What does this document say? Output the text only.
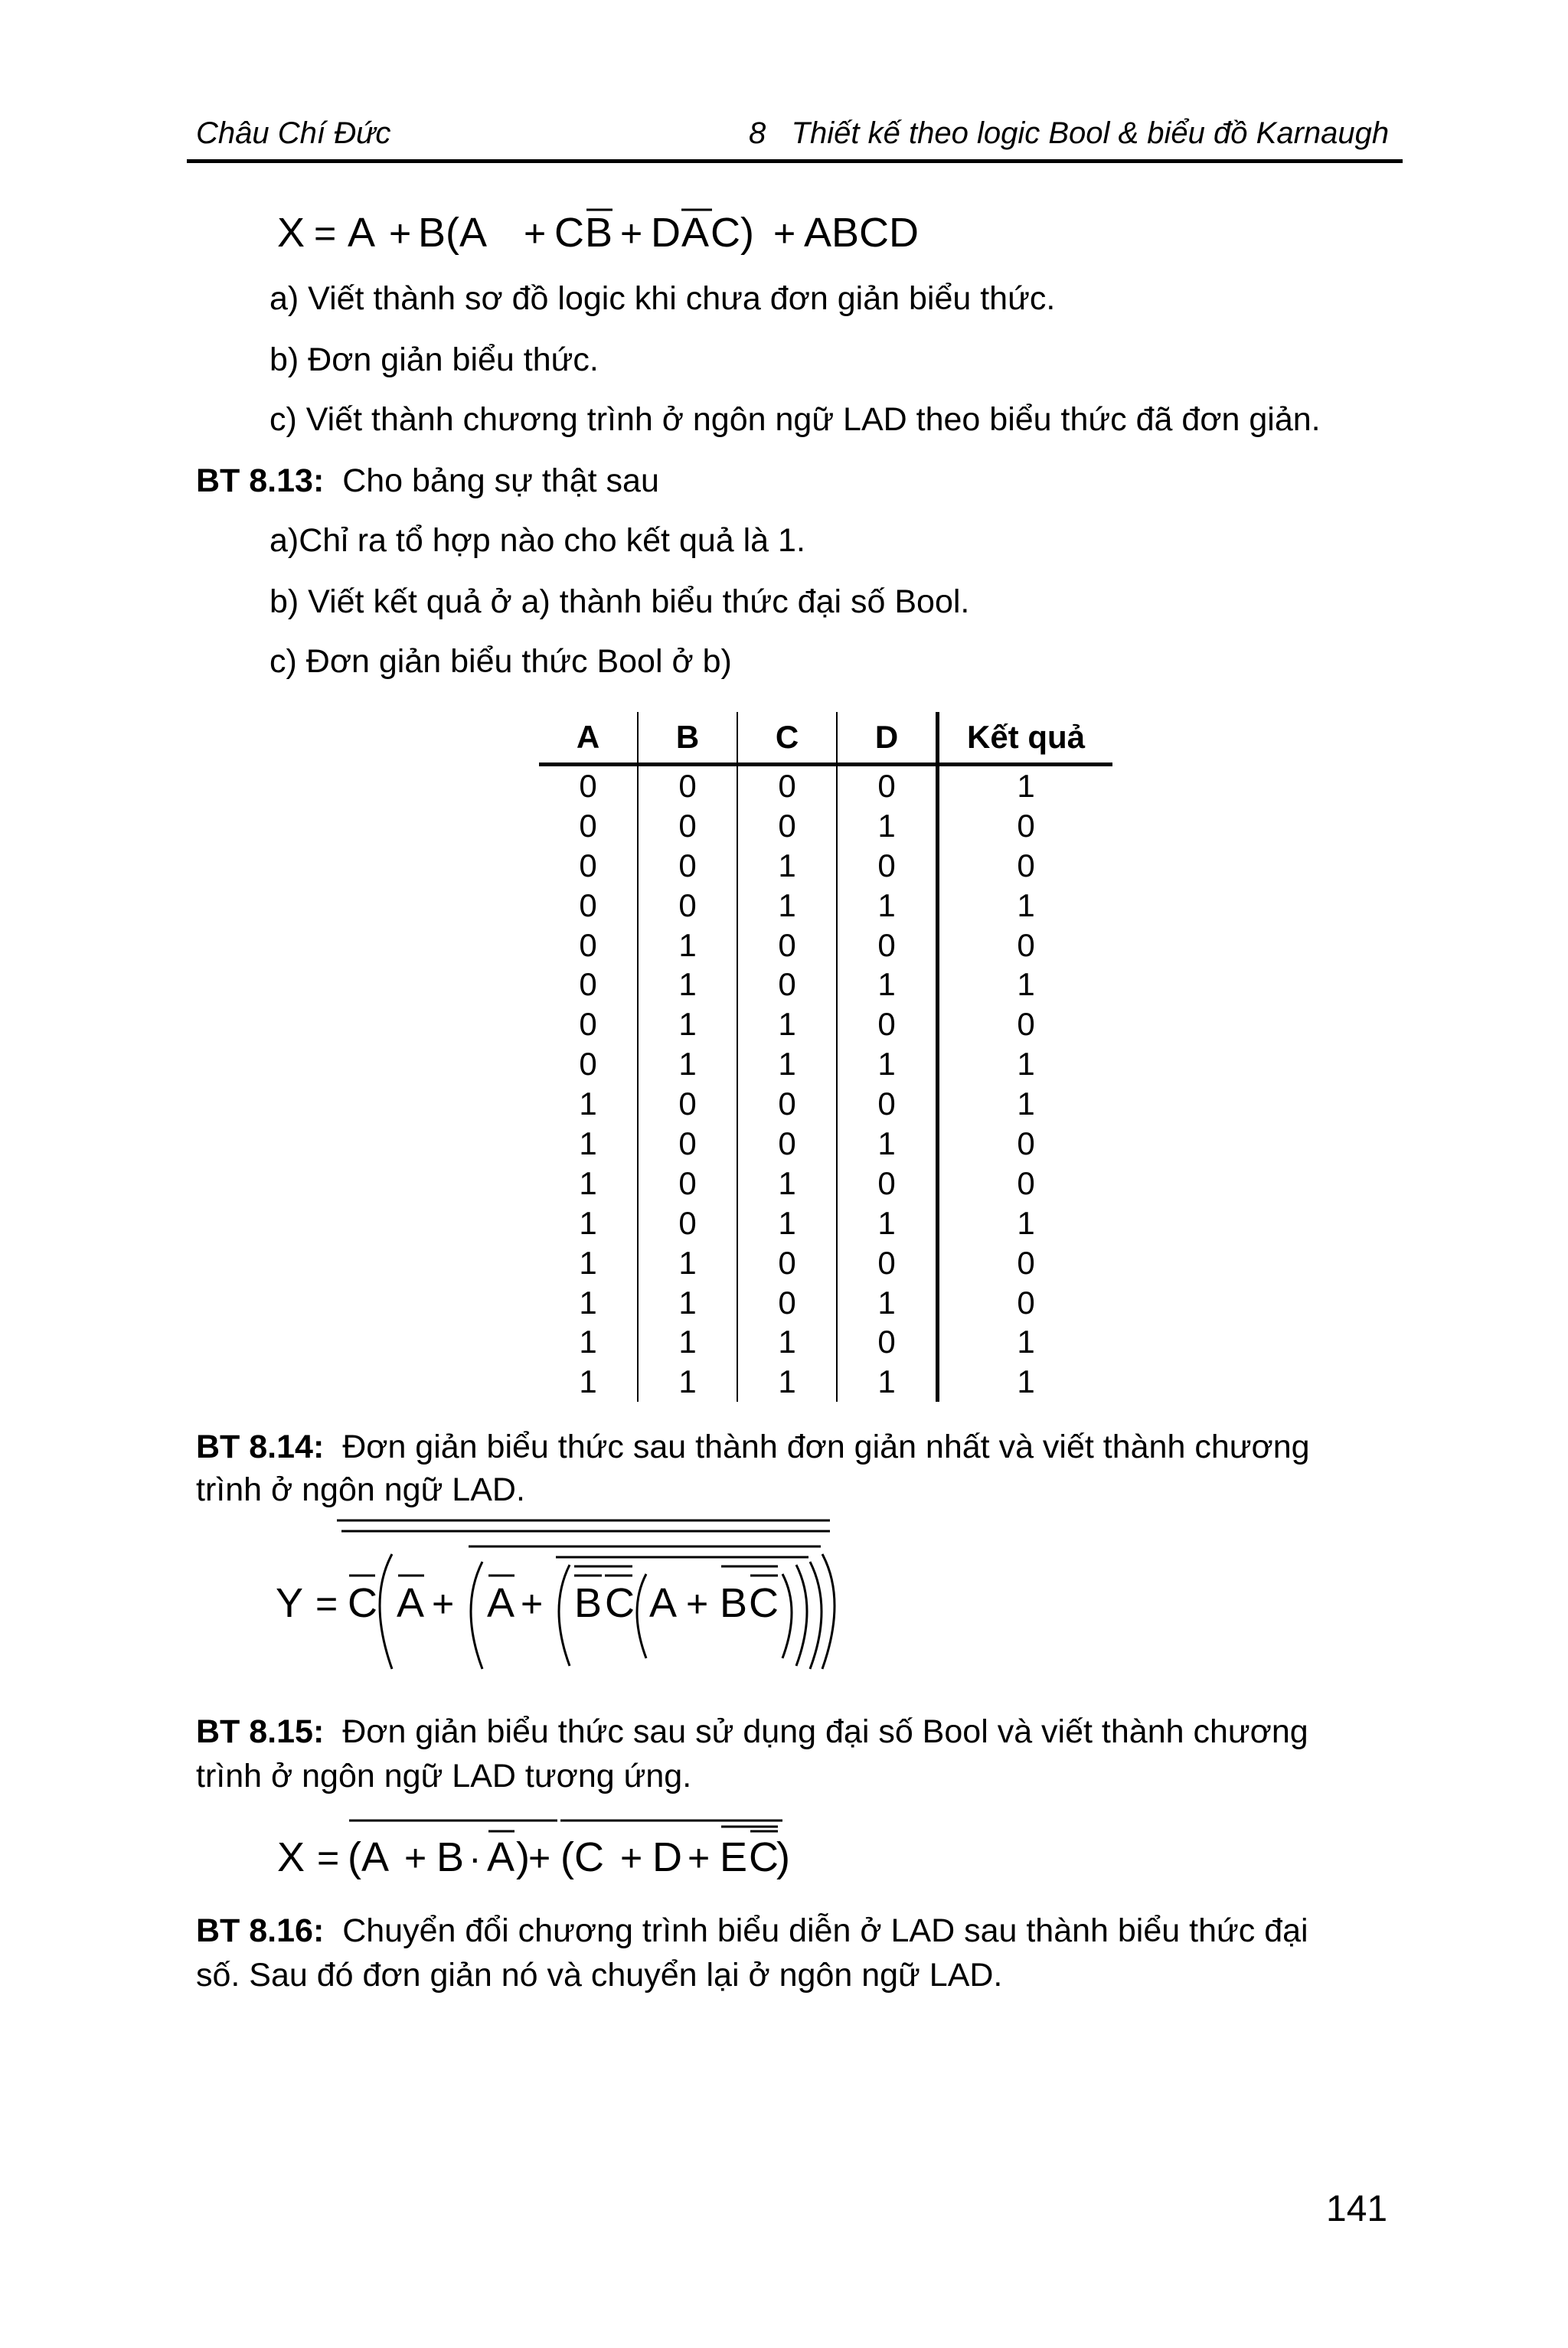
Châu Chí Đức	8   Thiết kế theo logic Bool & biểu đồ Karnaugh
X = A + B(A + C B + D A C) + ABCD
a) Viết thành sơ đồ logic khi chưa đơn giản biểu thức.
b) Đơn giản biểu thức.
c) Viết thành chương trình ở ngôn ngữ LAD theo biểu thức đã đơn giản.
BT 8.13: Cho bảng sự thật sau
a)Chỉ ra tổ hợp nào cho kết quả là 1.
b) Viết kết quả ở a) thành biểu thức đại số Bool.
c) Đơn giản biểu thức Bool ở b)
A	B	C	D	Kết quả
0	0	0	0	1
0	0	0	1	0
0	0	1	0	0
0	0	1	1	1
0	1	0	0	0
0	1	0	1	1
0	1	1	0	0
0	1	1	1	1
1	0	0	0	1
1	0	0	1	0
1	0	1	0	0
1	0	1	1	1
1	1	0	0	0
1	1	0	1	0
1	1	1	0	1
1	1	1	1	1
BT 8.14: Đơn giản biểu thức sau thành đơn giản nhất và viết thành chương
trình ở ngôn ngữ LAD.
Y = C A + A + B C A + B C
BT 8.15: Đơn giản biểu thức sau sử dụng đại số Bool và viết thành chương
trình ở ngôn ngữ LAD tương ứng.
X = (A + B · A )
+ (C + D + E C
)
BT 8.16: Chuyển đổi chương trình biểu diễn ở LAD sau thành biểu thức đại
số. Sau đó đơn giản nó và chuyển lại ở ngôn ngữ LAD.
141
